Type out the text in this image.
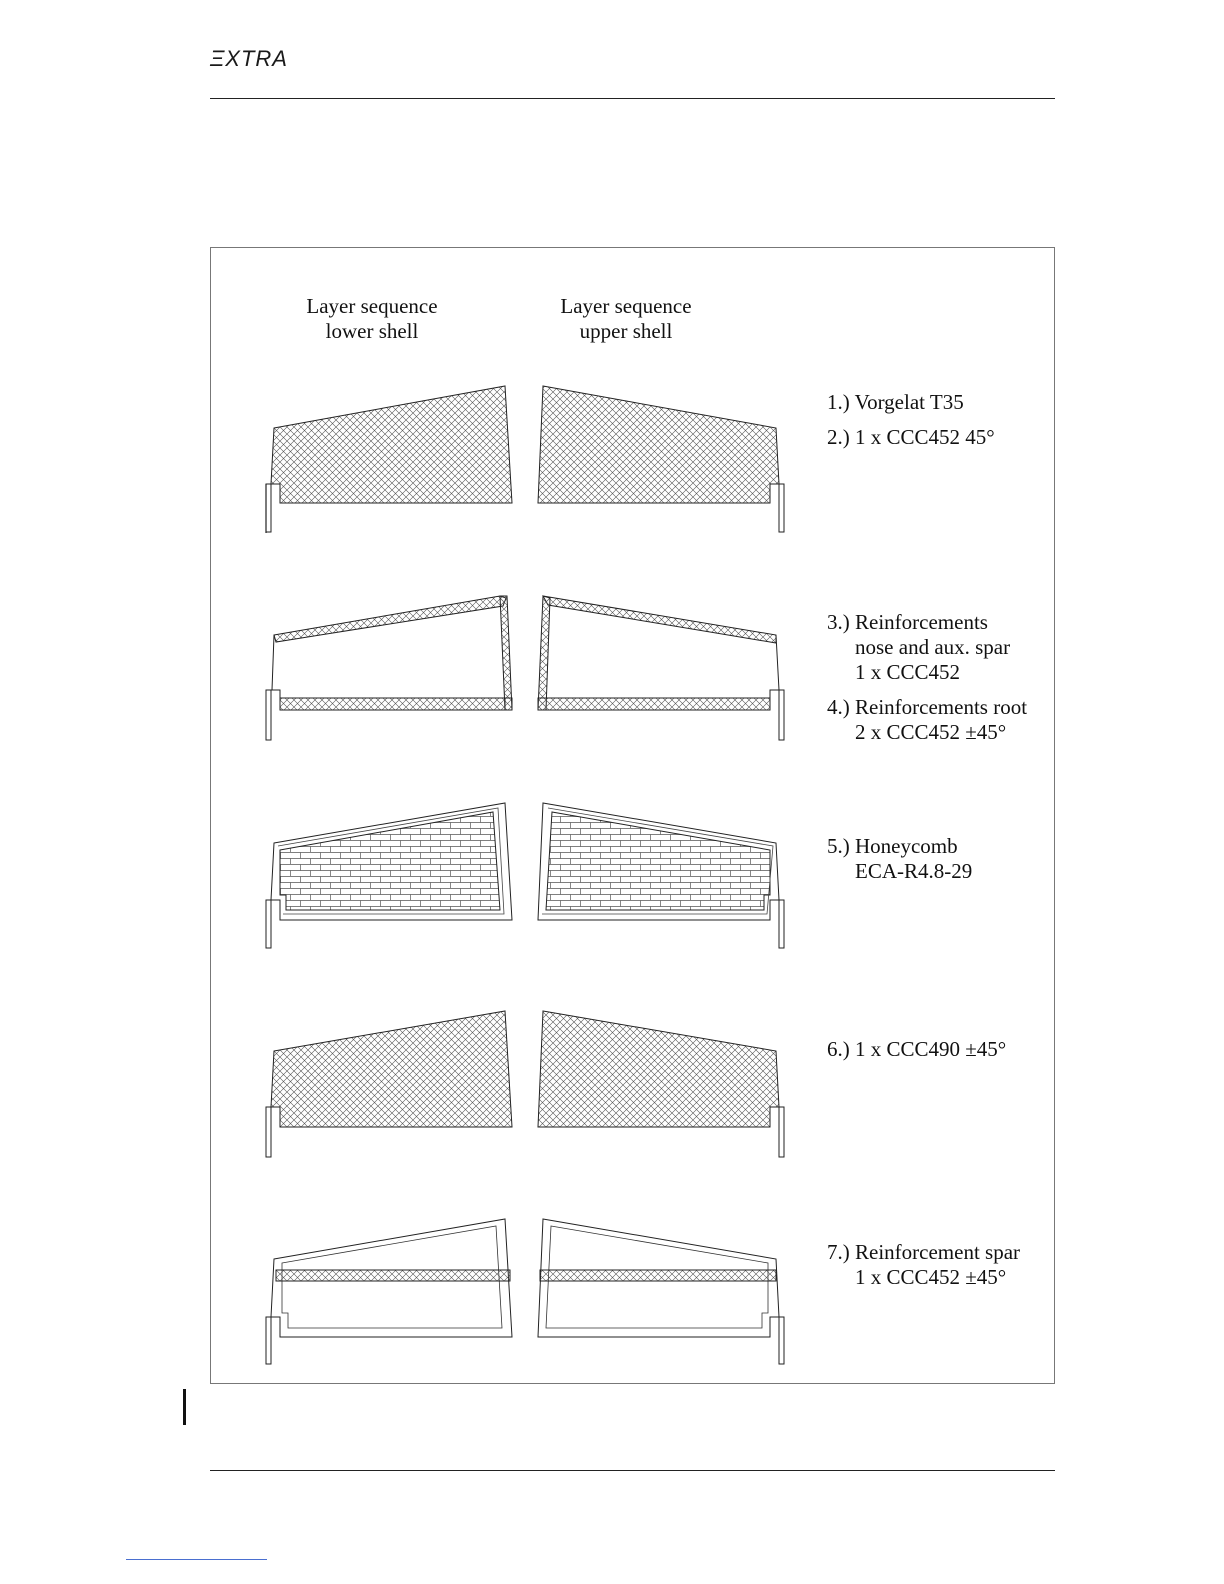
ΞXTRA
Layer sequence
lower shell
Layer sequence
upper shell
1.) Vorgelat T35
2.) 1 x CCC452 45°
3.) Reinforcements
nose and aux. spar
1 x CCC452
4.) Reinforcements root
2 x CCC452 ±45°
5.) Honeycomb
ECA-R4.8-29
6.) 1 x CCC490 ±45°
7.) Reinforcement spar
1 x CCC452 ±45°
